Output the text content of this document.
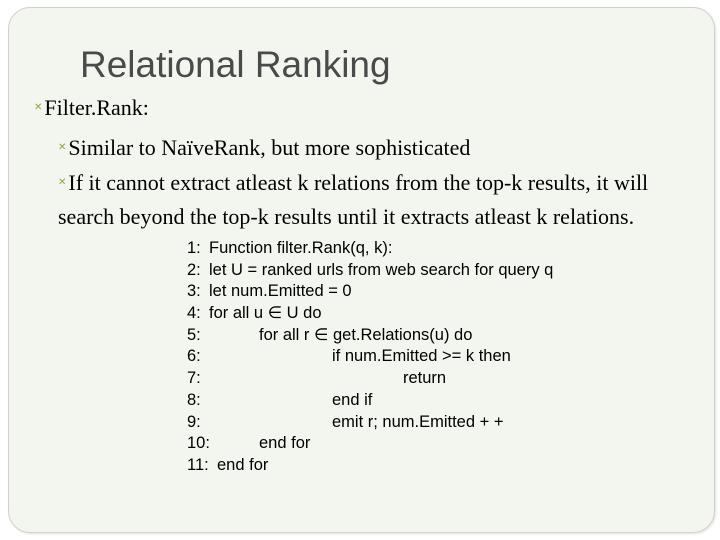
Relational Ranking
✕Filter.Rank:
✕Similar to NaïveRank, but more sophisticated
✕If it cannot extract atleast k relations from the top-k results, it will search beyond the top-k results until it extracts atleast k relations.
1: Function filter.Rank(q, k):
2: let U = ranked urls from web search for query q
3: let num.Emitted = 0
4: for all u ∈ U do
5:	for all r ∈ get.Relations(u) do
6:	if num.Emitted >= k then
7:	return
8:	end if
9:	emit r; num.Emitted + +
10:	end for
11: end for
